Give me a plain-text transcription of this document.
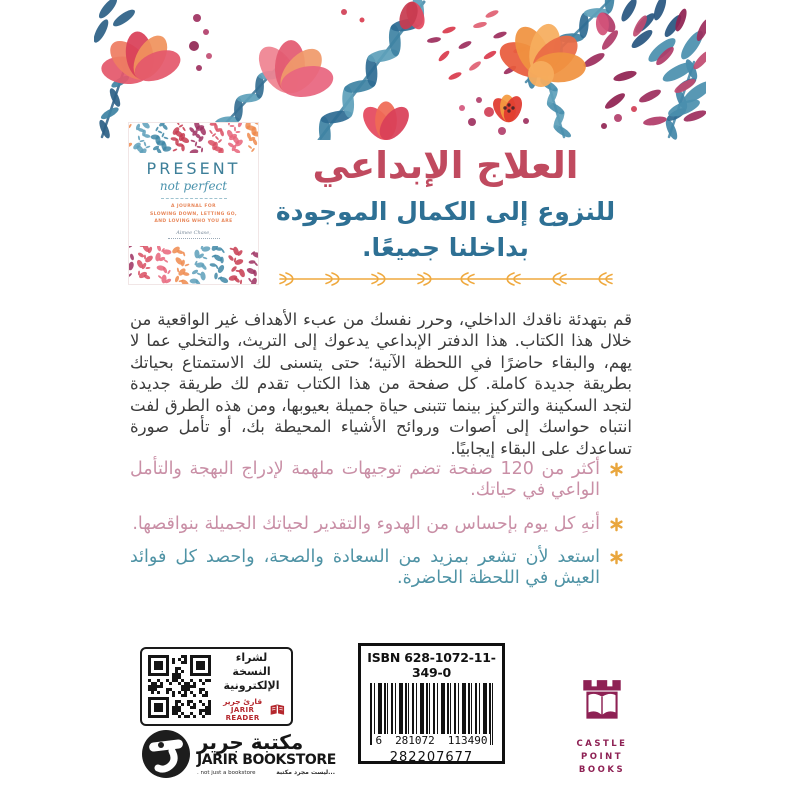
PRESENT
not perfect
A JOURNAL FOR
SLOWING DOWN, LETTING GO,
AND LOVING WHO YOU ARE
Aimee Chase,
العلاج الإبداعي
للنزوع إلى الكمال الموجودة
بداخلنا جميعًا.

قم بتهدئة ناقدك الداخلي، وحرر نفسك من عبء الأهداف غير الواقعية من خلال هذا الكتاب. هذا الدفتر الإبداعي يدعوك إلى التريث، والتخلي عما لا يهم، والبقاء حاضرًا في اللحظة الآنية؛ حتى يتسنى لك الاستمتاع بحياتك بطريقة جديدة كاملة. كل صفحة من هذا الكتاب تقدم لك طريقة جديدة لتجد السكينة والتركيز بينما تتبنى حياة جميلة بعيوبها، ومن هذه الطرق لفت انتباه حواسك إلى أصوات وروائح الأشياء المحيطة بك، أو تأمل صورة تساعدك على البقاء إيجابيًا.

أكثر من 120 صفحة تضم توجيهات ملهمة لإدراج البهجة والتأمل الواعي في حياتك.
أنهِ كل يوم بإحساس من الهدوء والتقدير لحياتك الجميلة بنواقصها.
استعد لأن تشعر بمزيد من السعادة والصحة، واحصد كل فوائد العيش في اللحظة الحاضرة.
لشراء النسخة
الإلكترونية
قارئ جرير
JARIR READER
مكتبة جرير
JARIR BOOKSTORE
. not just a bookstore	...ليست مجرد مكتبة
ISBN 628-1072-11-349-0
6 281072 113490
282207677
CASTLE
POINT
BOOKS
